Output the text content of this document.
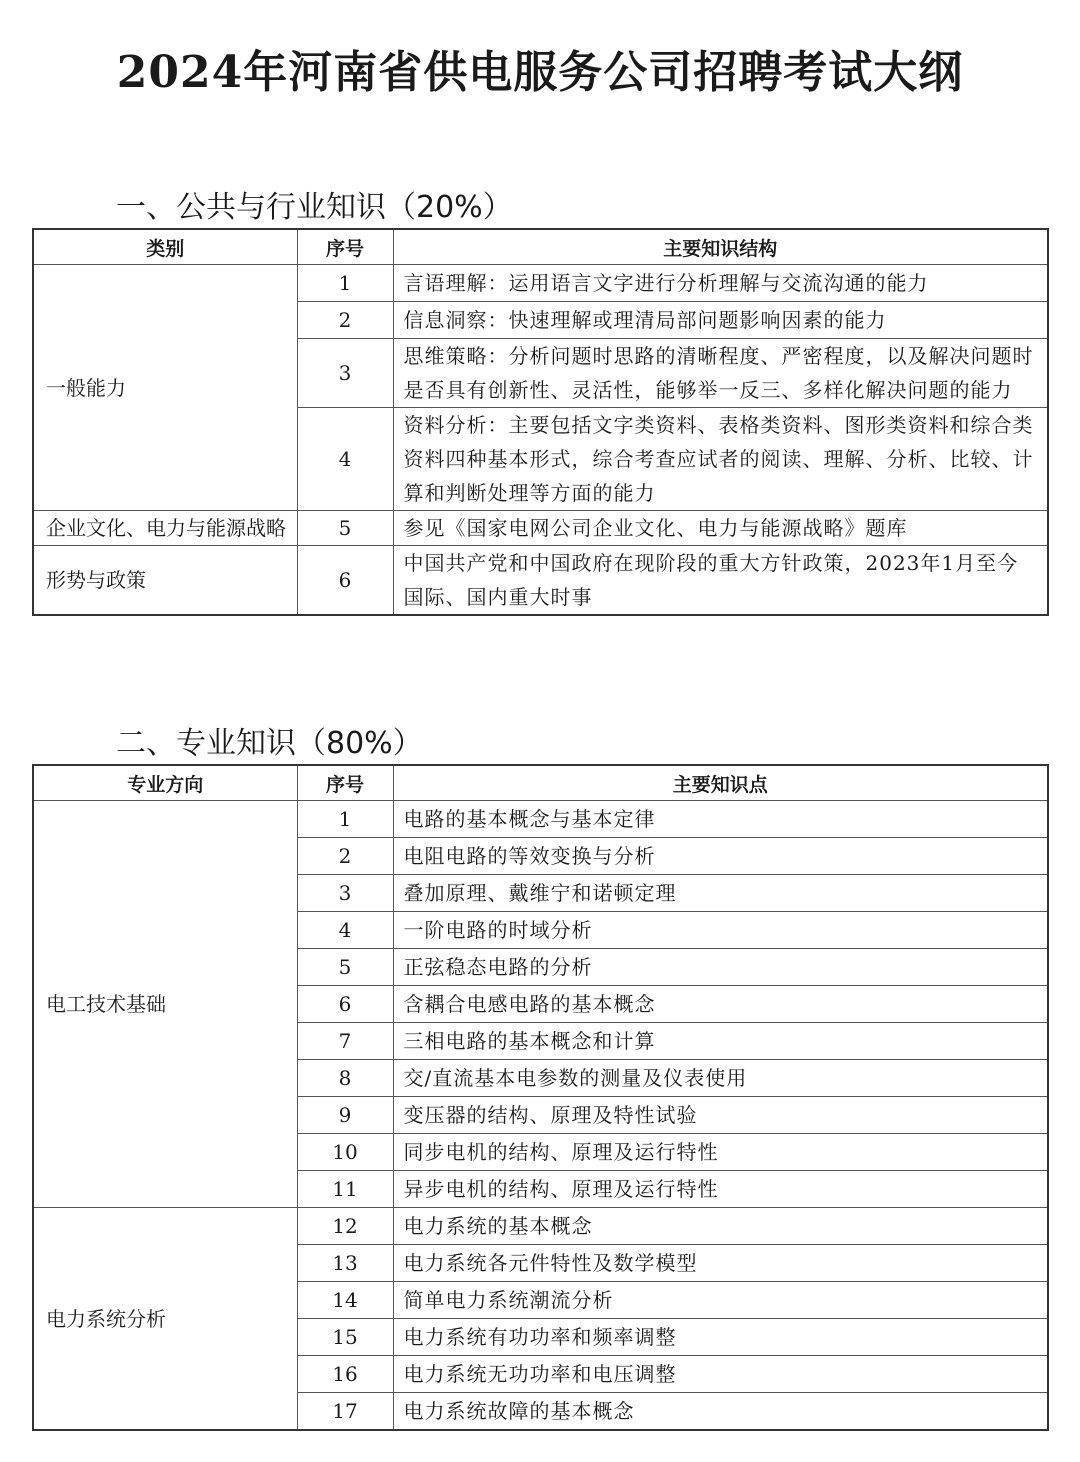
2024年河南省供电服务公司招聘考试大纲
一、公共与行业知识（20%）
类别	序号	主要知识结构
一般能力	1	言语理解：运用语言文字进行分析理解与交流沟通的能力
	2	信息洞察：快速理解或理清局部问题影响因素的能力
	3	思维策略：分析问题时思路的清晰程度、严密程度，以及解决问题时是否具有创新性、灵活性，能够举一反三、多样化解决问题的能力
	4	资料分析：主要包括文字类资料、表格类资料、图形类资料和综合类资料四种基本形式，综合考查应试者的阅读、理解、分析、比较、计算和判断处理等方面的能力
企业文化、电力与能源战略	5	参见《国家电网公司企业文化、电力与能源战略》题库
形势与政策	6	中国共产党和中国政府在现阶段的重大方针政策，2023年1月至今国际、国内重大时事
二、专业知识（80%）
专业方向	序号	主要知识点
电工技术基础	1	电路的基本概念与基本定律
	2	电阻电路的等效变换与分析
	3	叠加原理、戴维宁和诺顿定理
	4	一阶电路的时域分析
	5	正弦稳态电路的分析
	6	含耦合电感电路的基本概念
	7	三相电路的基本概念和计算
	8	交/直流基本电参数的测量及仪表使用
	9	变压器的结构、原理及特性试验
	10	同步电机的结构、原理及运行特性
	11	异步电机的结构、原理及运行特性
电力系统分析	12	电力系统的基本概念
	13	电力系统各元件特性及数学模型
	14	简单电力系统潮流分析
	15	电力系统有功功率和频率调整
	16	电力系统无功功率和电压调整
	17	电力系统故障的基本概念
